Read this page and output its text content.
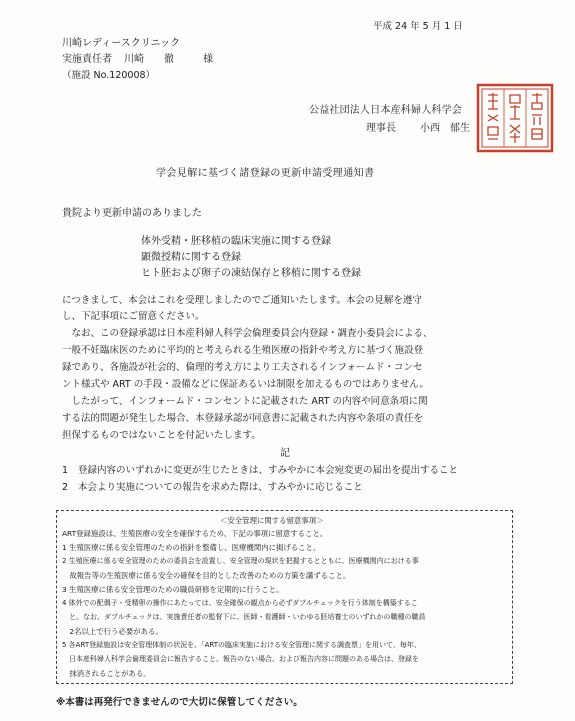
平成 24 年 5 月 1 日
川崎レディースクリニック
実施責任者 川崎　　徹	様
（施設 No.120008）
公益社団法人日本産科婦人科学会
理事長 小西　郁生
学会見解に基づく諸登録の更新申請受理通知書
貴院より更新申請のありました
体外受精・胚移植の臨床実施に関する登録
顕微授精に関する登録
ヒト胚および卵子の凍結保存と移植に関する登録
につきまして、本会はこれを受理しましたのでご通知いたします。本会の見解を遵守
し、下記事項にご留意ください。
　なお、この登録承認は日本産科婦人科学会倫理委員会内登録・調査小委員会による、
一般不妊臨床医のために平均的と考えられる生殖医療の指針や考え方に基づく施設登
録であり、各施設が社会的、倫理的考え方により工夫されるインフォームド・コンセ
ント様式や ART の手段・設備などに保証あるいは制限を加えるものではありません。
　したがって、インフォームド・コンセントに記載された ART の内容や同意条項に関
する法的問題が発生した場合、本登録承認が同意書に記載された内容や条項の責任を
担保するものではないことを付記いたします。
記
1 登録内容のいずれかに変更が生じたときは、すみやかに本会宛変更の届出を提出すること
2 本会より実施についての報告を求めた際は、すみやかに応じること
＜安全管理に関する留意事項＞
ART登録施設は、生殖医療の安全を確保するため、下記の事項に留意すること。
1 生殖医療に係る安全管理のための指針を整備し、医療機関内に掲げること。
2 生殖医療に係る安全管理のための委員会を設置し、安全管理の現状を把握するとともに、医療機関内における事
　故報告等の生殖医療に係る安全の確保を目的とした改善のための方策を講ずること。
3 生殖医療に係る安全管理のための職員研修を定期的に行うこと。
4 体外での配偶子・受精卵の操作にあたっては、安全確保の観点から必ずダブルチェックを行う体制を構築するこ
　と。なお、ダブルチェックは、実施責任者の監督下に、医師・看護師・いわゆる胚培養士のいずれかの職種の職員
　2名以上で行う必要がある。
5 各ART登録施設は安全管理体制の状況を、「ARTの臨床実施における安全管理に関する調査票」を用いて、毎年、
　日本産科婦人科学会倫理委員会に報告すること。報告のない場合、および報告内容に問題のある場合は、登録を
　抹消されることがある。
※本書は再発行できませんので大切に保管してください。
